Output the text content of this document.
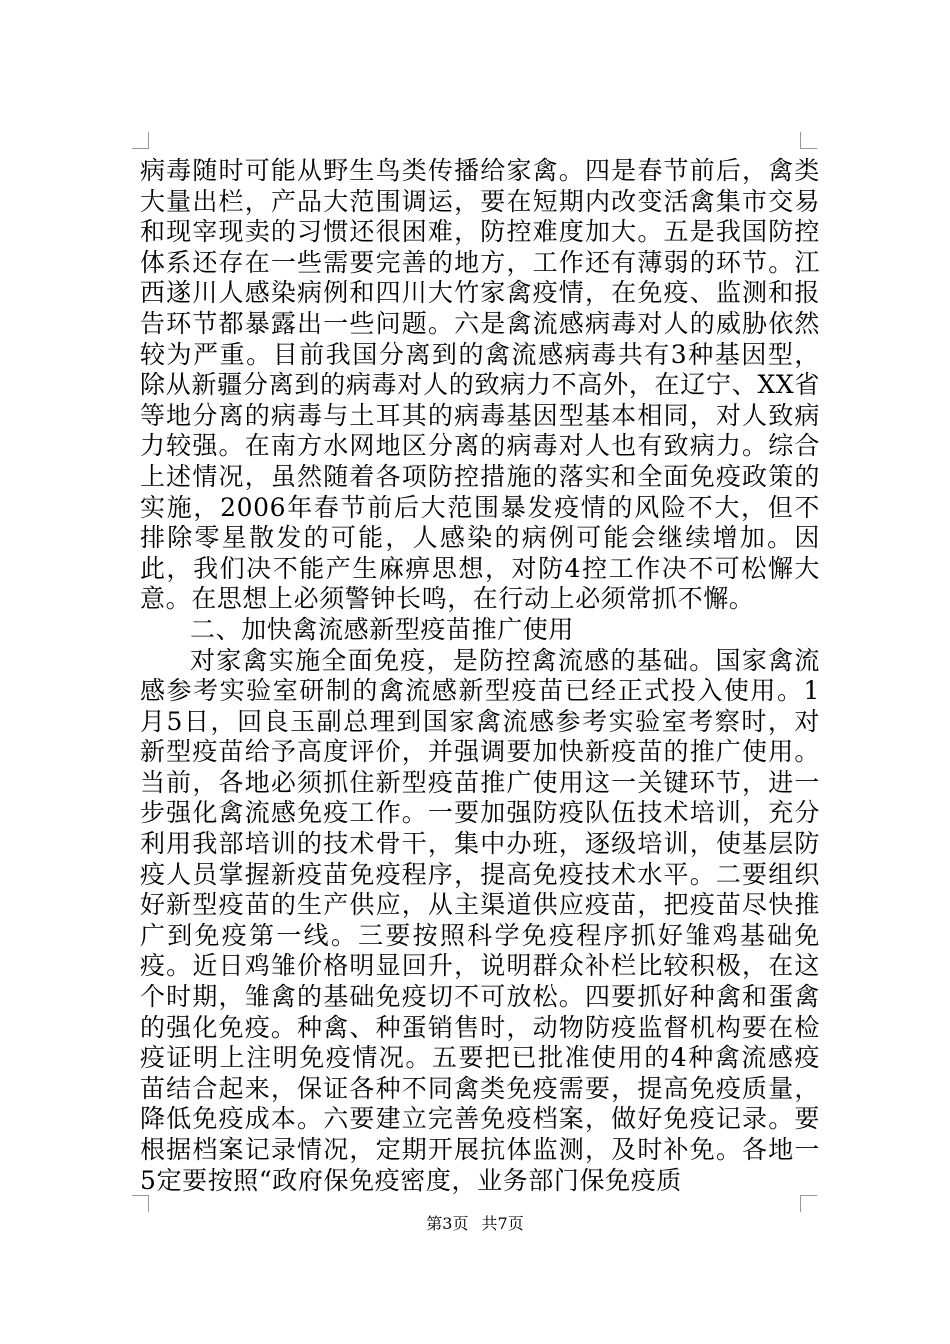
病毒随时可能从野生鸟类传播给家禽。四是春节前后，禽类大量出栏，产品大范围调运，要在短期内改变活禽集市交易和现宰现卖的习惯还很困难，防控难度加大。五是我国防控体系还存在一些需要完善的地方，工作还有薄弱的环节。江西遂川人感染病例和四川大竹家禽疫情，在免疫、监测和报告环节都暴露出一些问题。六是禽流感病毒对人的威胁依然较为严重。目前我国分离到的禽流感病毒共有3种基因型，除从新疆分离到的病毒对人的致病力不高外，在辽宁、XX省等地分离的病毒与土耳其的病毒基因型基本相同，对人致病力较强。在南方水网地区分离的病毒对人也有致病力。综合上述情况，虽然随着各项防控措施的落实和全面免疫政策的实施，2006年春节前后大范围暴发疫情的风险不大，但不排除零星散发的可能，人感染的病例可能会继续增加。因此，我们决不能产生麻痹思想，对防4控工作决不可松懈大意。在思想上必须警钟长鸣，在行动上必须常抓不懈。

二、加快禽流感新型疫苗推广使用

对家禽实施全面免疫，是防控禽流感的基础。国家禽流感参考实验室研制的禽流感新型疫苗已经正式投入使用。1月5日，回良玉副总理到国家禽流感参考实验室考察时，对新型疫苗给予高度评价，并强调要加快新疫苗的推广使用。当前，各地必须抓住新型疫苗推广使用这一关键环节，进一步强化禽流感免疫工作。一要加强防疫队伍技术培训，充分利用我部培训的技术骨干，集中办班，逐级培训，使基层防疫人员掌握新疫苗免疫程序，提高免疫技术水平。二要组织好新型疫苗的生产供应，从主渠道供应疫苗，把疫苗尽快推广到免疫第一线。三要按照科学免疫程序抓好雏鸡基础免疫。近日鸡雏价格明显回升，说明群众补栏比较积极，在这个时期，雏禽的基础免疫切不可放松。四要抓好种禽和蛋禽的强化免疫。种禽、种蛋销售时，动物防疫监督机构要在检疫证明上注明免疫情况。五要把已批准使用的4种禽流感疫苗结合起来，保证各种不同禽类免疫需要，提高免疫质量，降低免疫成本。六要建立完善免疫档案，做好免疫记录。要根据档案记录情况，定期开展抗体监测，及时补免。各地一5定要按照“政府保免疫密度，业务部门保免疫质

第3页 共7页
